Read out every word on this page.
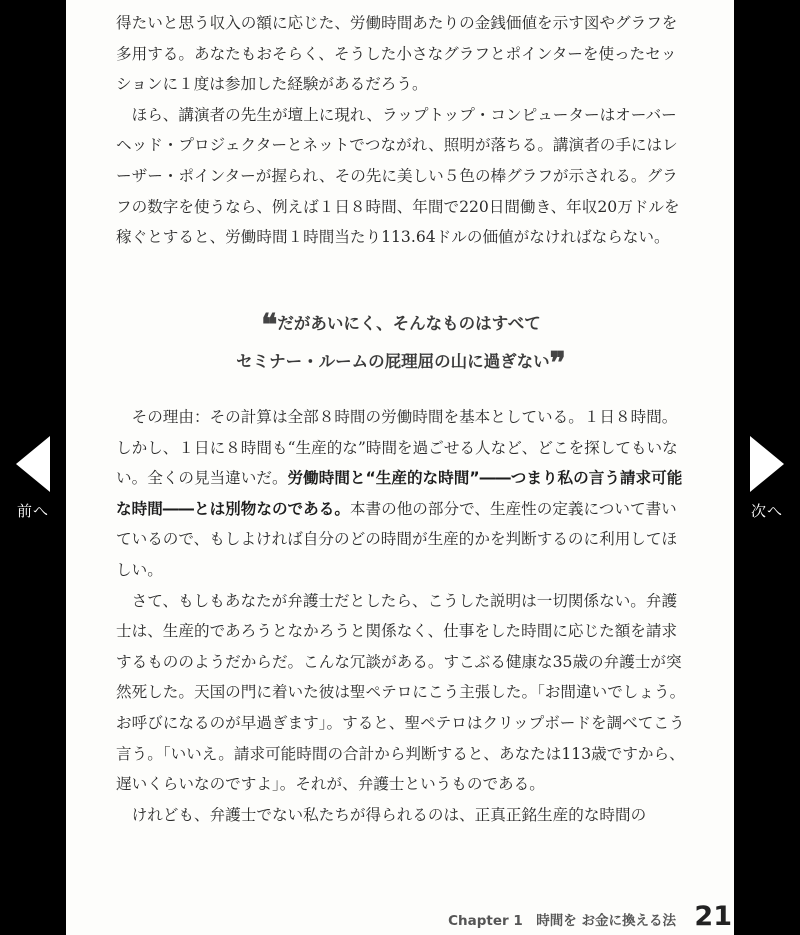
得たいと思う収入の額に応じた、労働時間あたりの金銭価値を示す図やグラフを多用する。あなたもおそらく、そうした小さなグラフとポインターを使ったセッションに１度は参加した経験があるだろう。

ほら、講演者の先生が壇上に現れ、ラップトップ・コンピューターはオーバーヘッド・プロジェクターとネットでつながれ、照明が落ちる。講演者の手にはレーザー・ポインターが握られ、その先に美しい５色の棒グラフが示される。グラフの数字を使うなら、例えば１日８時間、年間で220日間働き、年収20万ドルを稼ぐとすると、労働時間１時間当たり113.64ドルの価値がなければならない。

❝だがあいにく、そんなものはすべて
セミナー・ルームの屁理屈の山に過ぎない❞

その理由：その計算は全部８時間の労働時間を基本としている。１日８時間。しかし、１日に８時間も“生産的な”時間を過ごせる人など、どこを探してもいない。全くの見当違いだ。労働時間と“生産的な時間”――つまり私の言う請求可能な時間――とは別物なのである。本書の他の部分で、生産性の定義について書いているので、もしよければ自分のどの時間が生産的かを判断するのに利用してほしい。

さて、もしもあなたが弁護士だとしたら、こうした説明は一切関係ない。弁護士は、生産的であろうとなかろうと関係なく、仕事をした時間に応じた額を請求するもののようだからだ。こんな冗談がある。すこぶる健康な35歳の弁護士が突然死した。天国の門に着いた彼は聖ペテロにこう主張した。「お間違いでしょう。お呼びになるのが早過ぎます」。すると、聖ペテロはクリップボードを調べてこう言う。「いいえ。請求可能時間の合計から判断すると、あなたは113歳ですから、遅いくらいなのですよ」。それが、弁護士というものである。

けれども、弁護士でない私たちが得られるのは、正真正銘生産的な時間の

Chapter 1　時間を お金に換える法 21
前へ	次へ
